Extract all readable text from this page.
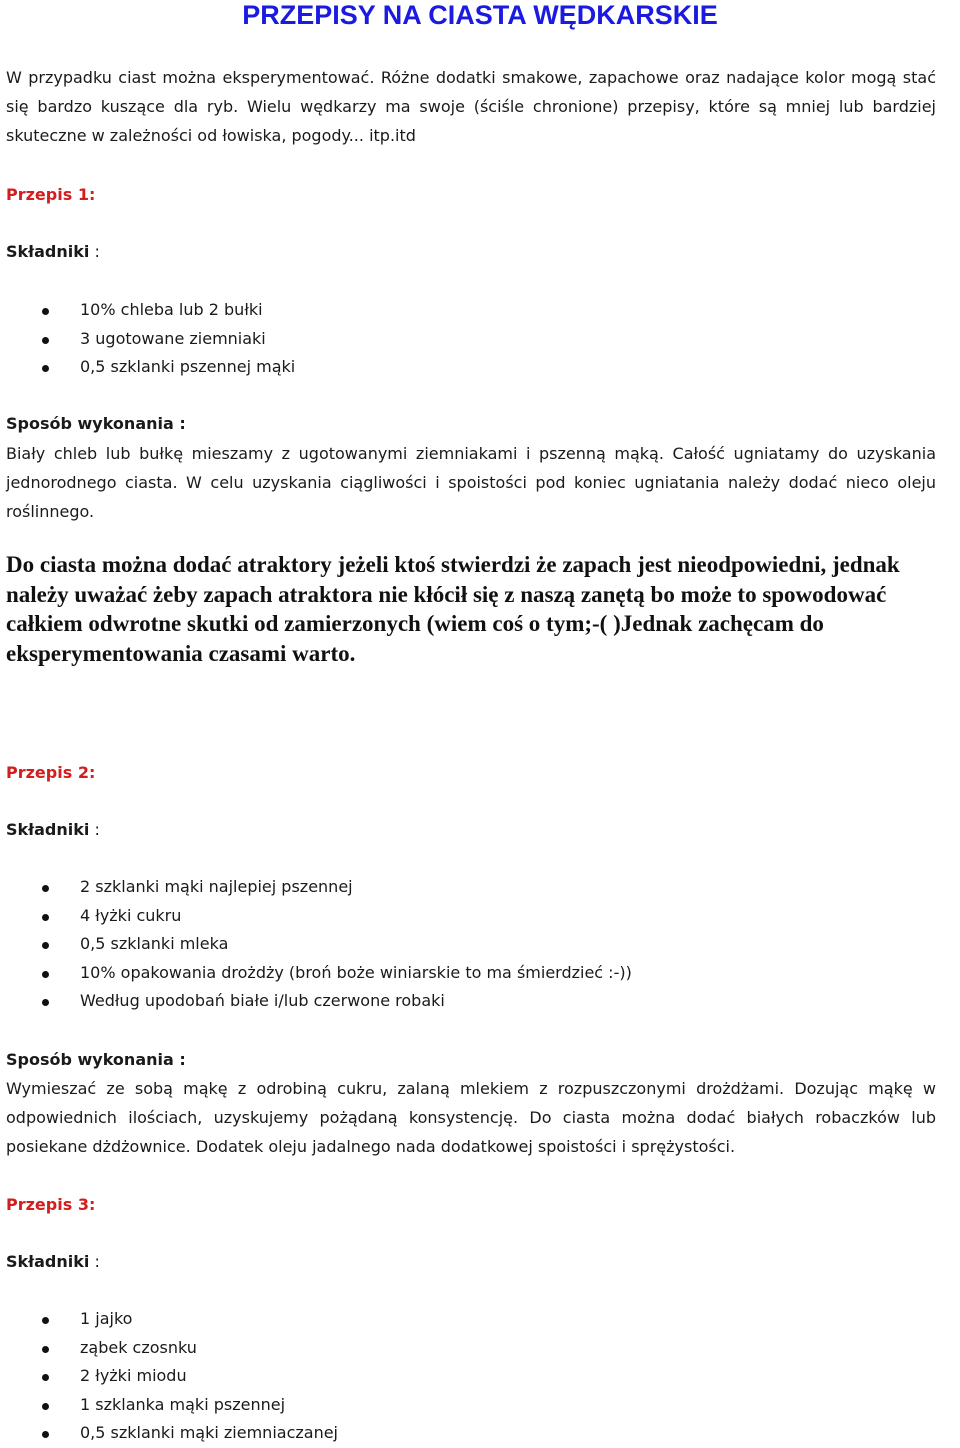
PRZEPISY NA CIASTA WĘDKARSKIE

W przypadku ciast można eksperymentować. Różne dodatki smakowe, zapachowe oraz nadające kolor mogą stać się bardzo kuszące dla ryb. Wielu wędkarzy ma swoje (ściśle chronione) przepisy, które są mniej lub bardziej skuteczne w zależności od łowiska, pogody... itp.itd

Przepis 1:

Składniki :

10% chleba lub 2 bułki
3 ugotowane ziemniaki
0,5 szklanki pszennej mąki

Sposób wykonania :

Biały chleb lub bułkę mieszamy z ugotowanymi ziemniakami i pszenną mąką. Całość ugniatamy do uzyskania jednorodnego ciasta. W celu uzyskania ciągliwości i spoistości pod koniec ugniatania należy dodać nieco oleju roślinnego.

Do ciasta można dodać atraktory jeżeli ktoś stwierdzi że zapach jest nieodpowiedni, jednak należy uważać żeby zapach atraktora nie kłócił się z naszą zanętą bo może to spowodować całkiem odwrotne skutki od zamierzonych (wiem coś o tym;-( )Jednak zachęcam do eksperymentowania czasami warto.

Przepis 2:

Składniki :

2 szklanki mąki najlepiej pszennej
4 łyżki cukru
0,5 szklanki mleka
10% opakowania drożdży (broń boże winiarskie to ma śmierdzieć :-))
Według upodobań białe i/lub czerwone robaki

Sposób wykonania :

Wymieszać ze sobą mąkę z odrobiną cukru, zalaną mlekiem z rozpuszczonymi drożdżami. Dozując mąkę w odpowiednich ilościach, uzyskujemy pożądaną konsystencję. Do ciasta można dodać białych robaczków lub posiekane dżdżownice. Dodatek oleju jadalnego nada dodatkowej spoistości i sprężystości.

Przepis 3:

Składniki :

1 jajko
ząbek czosnku
2 łyżki miodu
1 szklanka mąki pszennej
0,5 szklanki mąki ziemniaczanej
